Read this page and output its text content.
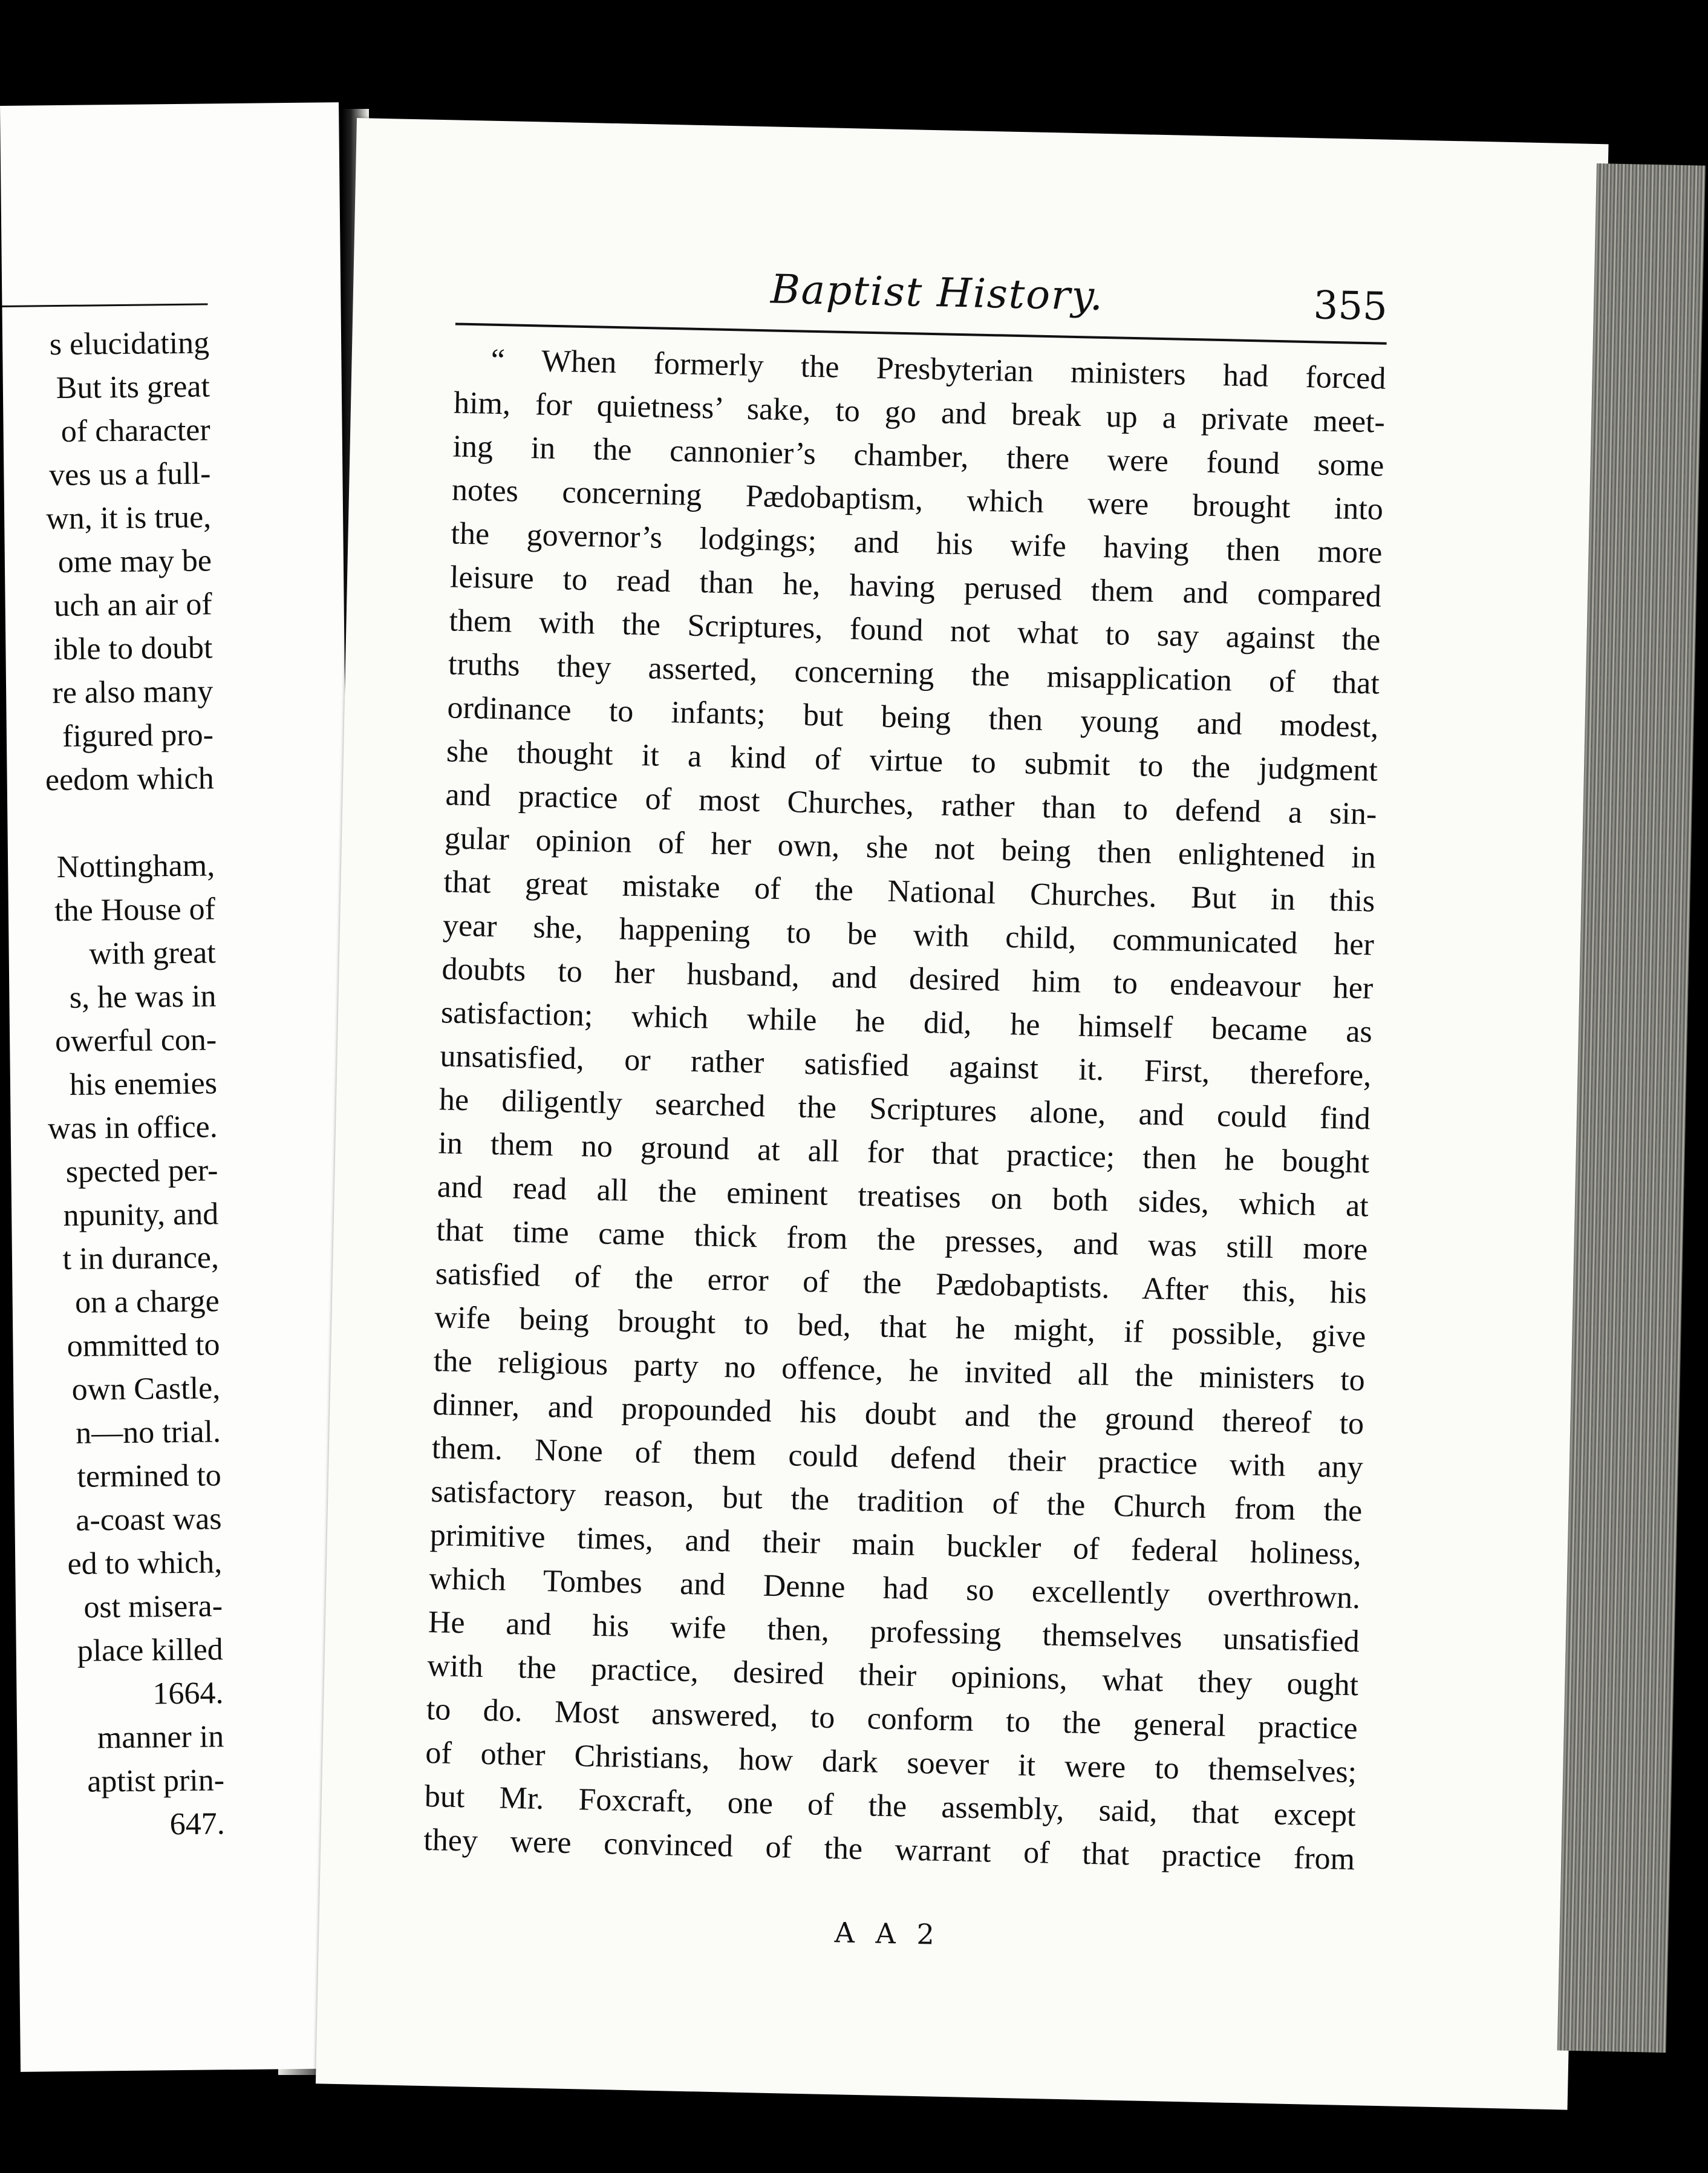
s elucidating
But its great
of character
ves us a full-
wn, it is true,
ome may be
uch an air of
ible to doubt
re also many
figured pro-
eedom which

Nottingham,
the House of
with great
s, he was in
owerful con-
his enemies
was in office.
spected per-
npunity, and
t in durance,
on a charge
ommitted to
own Castle,
n—no trial.
termined to
a-coast was
ed to which,
ost misera-
place killed
1664.
manner in
aptist prin-
647.
Baptist History.	355
“ When formerly the Presbyterian ministers had forced
him, for quietness’ sake, to go and break up a private meet-
ing in the cannonier’s chamber, there were found some
notes concerning Pædobaptism, which were brought into
the governor’s lodgings; and his wife having then more
leisure to read than he, having perused them and compared
them with the Scriptures, found not what to say against the
truths they asserted, concerning the misapplication of that
ordinance to infants; but being then young and modest,
she thought it a kind of virtue to submit to the judgment
and practice of most Churches, rather than to defend a sin-
gular opinion of her own, she not being then enlightened in
that great mistake of the National Churches. But in this
year she, happening to be with child, communicated her
doubts to her husband, and desired him to endeavour her
satisfaction; which while he did, he himself became as
unsatisfied, or rather satisfied against it. First, therefore,
he diligently searched the Scriptures alone, and could find
in them no ground at all for that practice; then he bought
and read all the eminent treatises on both sides, which at
that time came thick from the presses, and was still more
satisfied of the error of the Pædobaptists. After this, his
wife being brought to bed, that he might, if possible, give
the religious party no offence, he invited all the ministers to
dinner, and propounded his doubt and the ground thereof to
them. None of them could defend their practice with any
satisfactory reason, but the tradition of the Church from the
primitive times, and their main buckler of federal holiness,
which Tombes and Denne had so excellently overthrown.
He and his wife then, professing themselves unsatisfied
with the practice, desired their opinions, what they ought
to do. Most answered, to conform to the general practice
of other Christians, how dark soever it were to themselves;
but Mr. Foxcraft, one of the assembly, said, that except
they were convinced of the warrant of that practice from
A A 2
